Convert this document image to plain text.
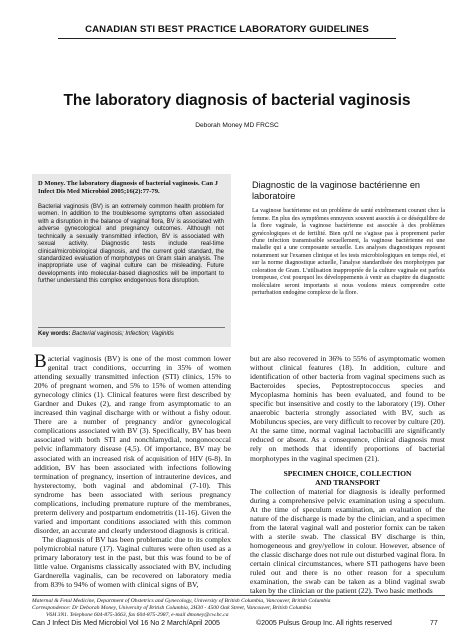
CANADIAN STI BEST PRACTICE LABORATORY GUIDELINES
The laboratory diagnosis of bacterial vaginosis
Deborah Money MD FRCSC

D Money. The laboratory diagnosis of bacterial vaginosis. Can J Infect Dis Med Microbiol 2005;16(2):77-79.

Bacterial vaginosis (BV) is an extremely common health problem for women. In addition to the troublesome symptoms often associated with a disruption in the balance of vaginal flora, BV is associated with adverse gynecological and pregnancy outcomes. Although not technically a sexually transmitted infection, BV is associated with sexual activity. Diagnostic tests include real-time clinical/microbiological diagnosis, and the current gold standard, the standardized evaluation of morphotypes on Gram stain analysis. The inappropriate use of vaginal culture can be misleading. Future developments into molecular-based diagnostics will be important to further understand this complex endogenous flora disruption.

Key words: Bacterial vaginosis; Infection; Vaginitis

Diagnostic de la vaginose bactérienne en laboratoire

La vaginose bactérienne est un problème de santé extrêmement courant chez la femme. En plus des symptômes ennuyeux souvent associés à ce déséquilibre de la flore vaginale, la vaginose bactérienne est associée à des problèmes gynécologiques et de fertilité. Bien qu'il ne s'agisse pas à proprement parler d'une infection transmissible sexuellement, la vaginose bactérienne est une maladie qui a une composante sexuelle. Les analyses diagnostiques reposent notamment sur l'examen clinique et les tests microbiologiques en temps réel, et sur la norme diagnostique actuelle, l'analyse standardisée des morphotypes par coloration de Gram. L'utilisation inappropriée de la culture vaginale est parfois trompeuse, c'est pourquoi les développements à venir au chapitre du diagnostic moléculaire seront importants si nous voulons mieux comprendre cette perturbation endogène complexe de la flore.

B acterial vaginosis (BV) is one of the most common lower genital tract conditions, occurring in 35% of women attending sexually transmitted infection (STI) clinics, 15% to 20% of pregnant women, and 5% to 15% of women attending gynecology clinics (1). Clinical features were first described by Gardner and Dukes (2), and range from asymptomatic to an increased thin vaginal discharge with or without a fishy odour. There are a number of pregnancy and/or gynecological complications associated with BV (3). Specifically, BV has been associated with both STI and nonchlamydial, nongonococcal pelvic inflammatory disease (4,5). Of importance, BV may be associated with an increased risk of acquisition of HIV (6-8). In addition, BV has been associated with infections following termination of pregnancy, insertion of intrauterine devices, and hysterectomy, both vaginal and abdominal (7-10). This syndrome has been associated with serious pregnancy complications, including premature rupture of the membranes, preterm delivery and postpartum endometritis (11-16). Given the varied and important conditions associated with this common disorder, an accurate and clearly understood diagnosis is critical.

The diagnosis of BV has been problematic due to its complex polymicrobial nature (17). Vaginal cultures were often used as a primary laboratory test in the past, but this was found to be of little value. Organisms classically associated with BV, including Gardnerella vaginalis, can be recovered on laboratory media from 83% to 94% of women with clinical signs of BV,

but are also recovered in 36% to 55% of asymptomatic women without clinical features (18). In addition, culture and identification of other bacteria from vaginal specimens such as Bacteroides species, Peptostreptococcus species and Mycoplasma hominis has been evaluated, and found to be specific but insensitive and costly to the laboratory (19). Other anaerobic bacteria strongly associated with BV, such as Mobiluncus species, are very difficult to recover by culture (20). At the same time, normal vaginal lactobacilli are significantly reduced or absent. As a consequence, clinical diagnosis must rely on methods that identify proportions of bacterial morphotypes in the vaginal specimen (21).

SPECIMEN CHOICE, COLLECTION
AND TRANSPORT

The collection of material for diagnosis is ideally performed during a comprehensive pelvic examination using a speculum. At the time of speculum examination, an evaluation of the nature of the discharge is made by the clinician, and a specimen from the lateral vaginal wall and posterior fornix can be taken with a sterile swab. The classical BV discharge is thin, homogeneous and grey/yellow in colour. However, absence of the classic discharge does not rule out disturbed vaginal flora. In certain clinical circumstances, where STI pathogens have been ruled out and there is no other reason for a speculum examination, the swab can be taken as a blind vaginal swab taken by the clinician or the patient (22). Two basic methods

Maternal & Fetal Medicine, Department of Obstetrics and Gynecology, University of British Columbia, Vancouver, British Columbia
Correspondence: Dr Deborah Money, University of British Columbia, 2H30 - 4500 Oak Street, Vancouver, British Columbia
V6H 3N1. Telephone 604-875-3663, fax 604-875-2987, e-mail dmoney@cw.bc.ca
Can J Infect Dis Med Microbiol Vol 16 No 2 March/April 2005	©2005 Pulsus Group Inc. All rights reserved	77
